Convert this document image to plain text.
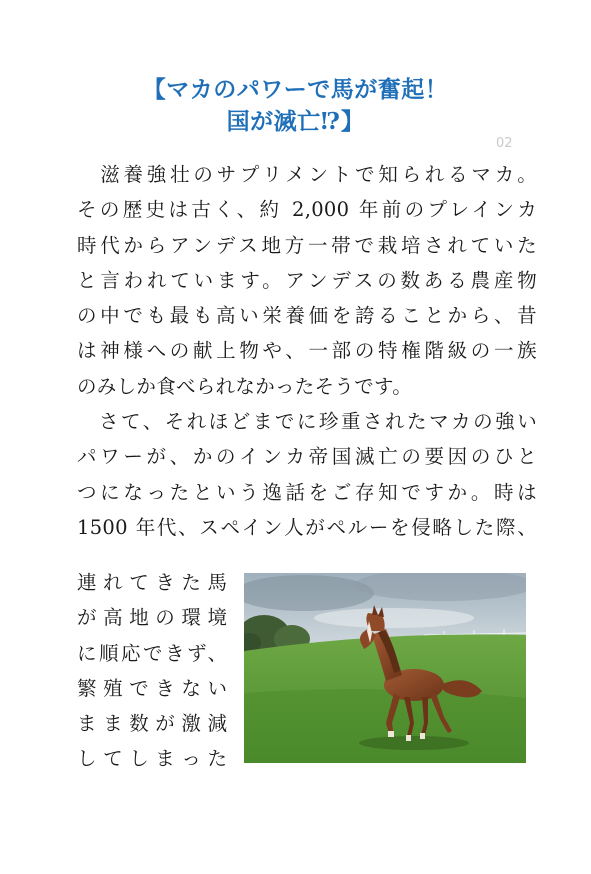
【マカのパワーで馬が奮起！
国が滅亡⁉】
02
　滋養強壮のサプリメントで知られるマカ。
その歴史は古く、約 2,000 年前のプレインカ
時代からアンデス地方一帯で栽培されていた
と言われています。アンデスの数ある農産物
の中でも最も高い栄養価を誇ることから、昔
は神様への献上物や、一部の特権階級の一族
のみしか食べられなかったそうです。
　さて、それほどまでに珍重されたマカの強い
パワーが、かのインカ帝国滅亡の要因のひと
つになったという逸話をご存知ですか。時は
1500 年代、スペイン人がペルーを侵略した際、
連れてきた馬
が高地の環境
に順応できず、
繁殖できない
まま数が激減
してしまった
